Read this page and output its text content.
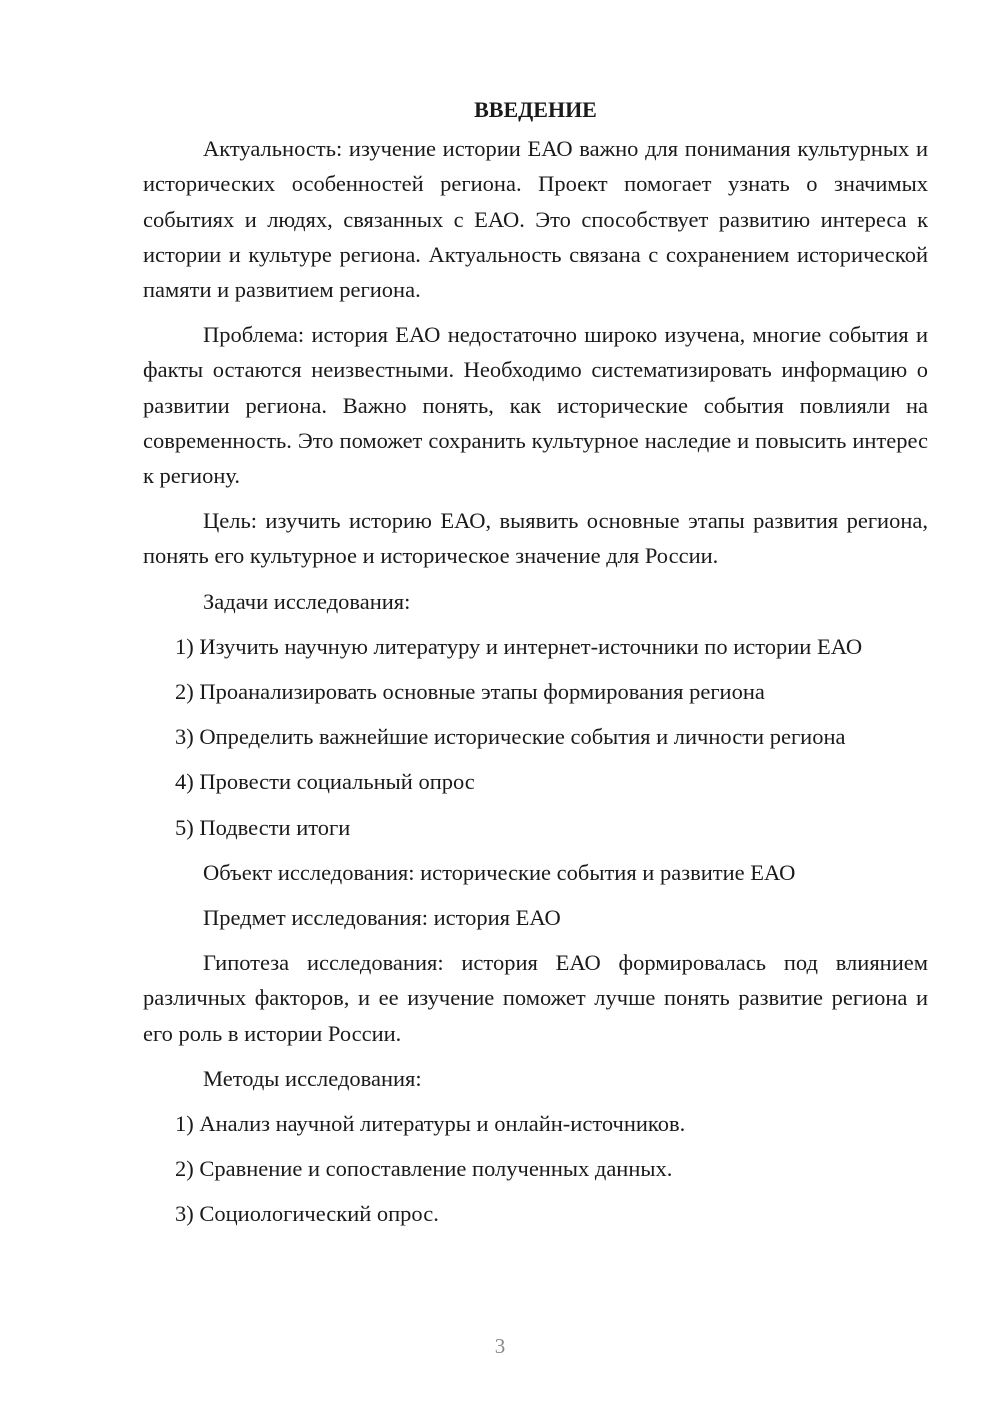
ВВЕДЕНИЕ

Актуальность: изучение истории ЕАО важно для понимания культурных и исторических особенностей региона. Проект помогает узнать о значимых событиях и людях, связанных с ЕАО. Это способствует развитию интереса к истории и культуре региона. Актуальность связана с сохранением исторической памяти и развитием региона.

Проблема: история ЕАО недостаточно широко изучена, многие события и факты остаются неизвестными. Необходимо систематизировать информацию о развитии региона. Важно понять, как исторические события повлияли на современность. Это поможет сохранить культурное наследие и повысить интерес к региону.

Цель: изучить историю ЕАО, выявить основные этапы развития региона, понять его культурное и историческое значение для России.

Задачи исследования:

1) Изучить научную литературу и интернет-источники по истории ЕАО

2) Проанализировать основные этапы формирования региона

3) Определить важнейшие исторические события и личности региона

4) Провести социальный опрос

5) Подвести итоги

Объект исследования: исторические события и развитие ЕАО

Предмет исследования: история ЕАО

Гипотеза исследования: история ЕАО формировалась под влиянием различных факторов, и ее изучение поможет лучше понять развитие региона и его роль в истории России.

Методы исследования:

1) Анализ научной литературы и онлайн-источников.

2) Сравнение и сопоставление полученных данных.

3) Социологический опрос.

3
